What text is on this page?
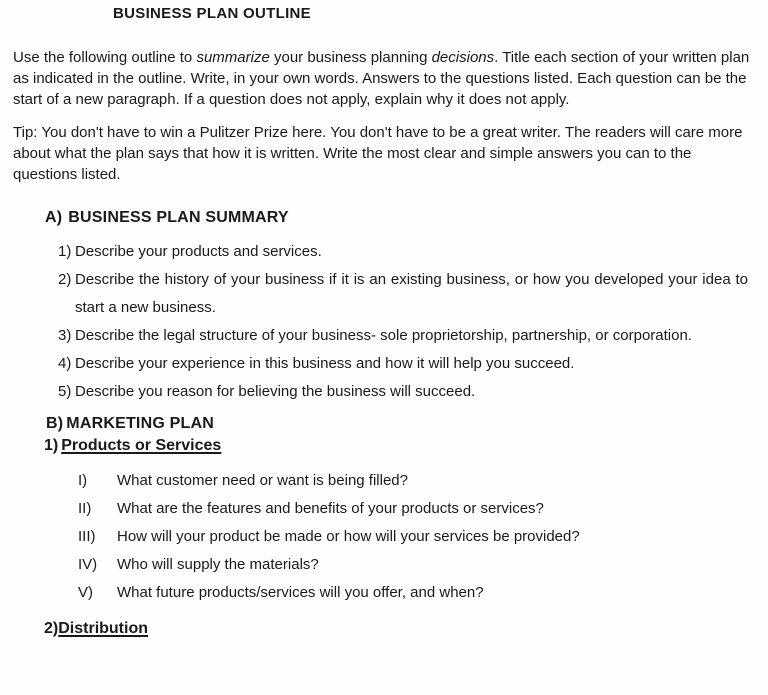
BUSINESS PLAN OUTLINE

Use the following outline to summarize your business planning decisions. Title each section of your written plan as indicated in the outline. Write, in your own words. Answers to the questions listed. Each question can be the start of a new paragraph. If a question does not apply, explain why it does not apply.

Tip: You don't have to win a Pulitzer Prize here. You don't have to be a great writer. The readers will care more about what the plan says that how it is written. Write the most clear and simple answers you can to the questions listed.

A) BUSINESS PLAN SUMMARY
1) Describe your products and services.
2) Describe the history of your business if it is an existing business, or how you developed your idea to start a new business.
3) Describe the legal structure of your business- sole proprietorship, partnership, or corporation.
4) Describe your experience in this business and how it will help you succeed.
5) Describe you reason for believing the business will succeed.
B) MARKETING PLAN
1) Products or Services
I)	What customer need or want is being filled?
II)	What are the features and benefits of your products or services?
III)	How will your product be made or how will your services be provided?
IV)	Who will supply the materials?
V)	What future products/services will you offer, and when?
2)Distribution
